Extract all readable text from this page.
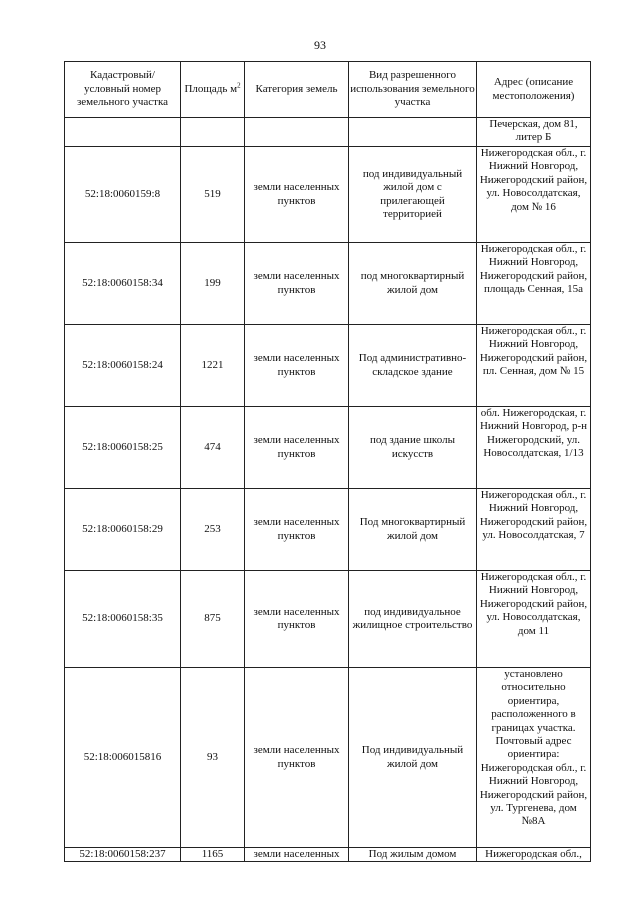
93
Кадастровый/ условный номер земельного участка	Площадь $м^2$	Категория земель	Вид разрешенного использования земельного участка	Адрес (описание местоположения)
				Печерская, дом 81, литер Б
52:18:0060159:8	519	земли населенных пунктов	под индивидуальный жилой дом с прилегающей территорией	Нижегородская обл., г. Нижний Новгород, Нижегородский район, ул. Новосолдатская, дом № 16
52:18:0060158:34	199	земли населенных пунктов	под многоквартирный жилой дом	Нижегородская обл., г. Нижний Новгород, Нижегородский район, площадь Сенная, 15а
52:18:0060158:24	1221	земли населенных пунктов	Под административно-складское здание	Нижегородская обл., г. Нижний Новгород, Нижегородский район, пл. Сенная, дом № 15
52:18:0060158:25	474	земли населенных пунктов	под здание школы искусств	обл. Нижегородская, г. Нижний Новгород, р-н Нижегородский, ул. Новосолдатская, 1/13
52:18:0060158:29	253	земли населенных пунктов	Под многоквартирный жилой дом	Нижегородская обл., г. Нижний Новгород, Нижегородский район, ул. Новосолдатская, 7
52:18:0060158:35	875	земли населенных пунктов	под индивидуальное жилищное строительство	Нижегородская обл., г. Нижний Новгород, Нижегородский район, ул. Новосолдатская, дом 11
52:18:006015816	93	земли населенных пунктов	Под индивидуальный жилой дом	установлено относительно ориентира, расположенного в границах участка. Почтовый адрес ориентира: Нижегородская обл., г. Нижний Новгород, Нижегородский район, ул. Тургенева, дом №8А
52:18:0060158:237	1165	земли населенных	Под жилым домом	Нижегородская обл.,
